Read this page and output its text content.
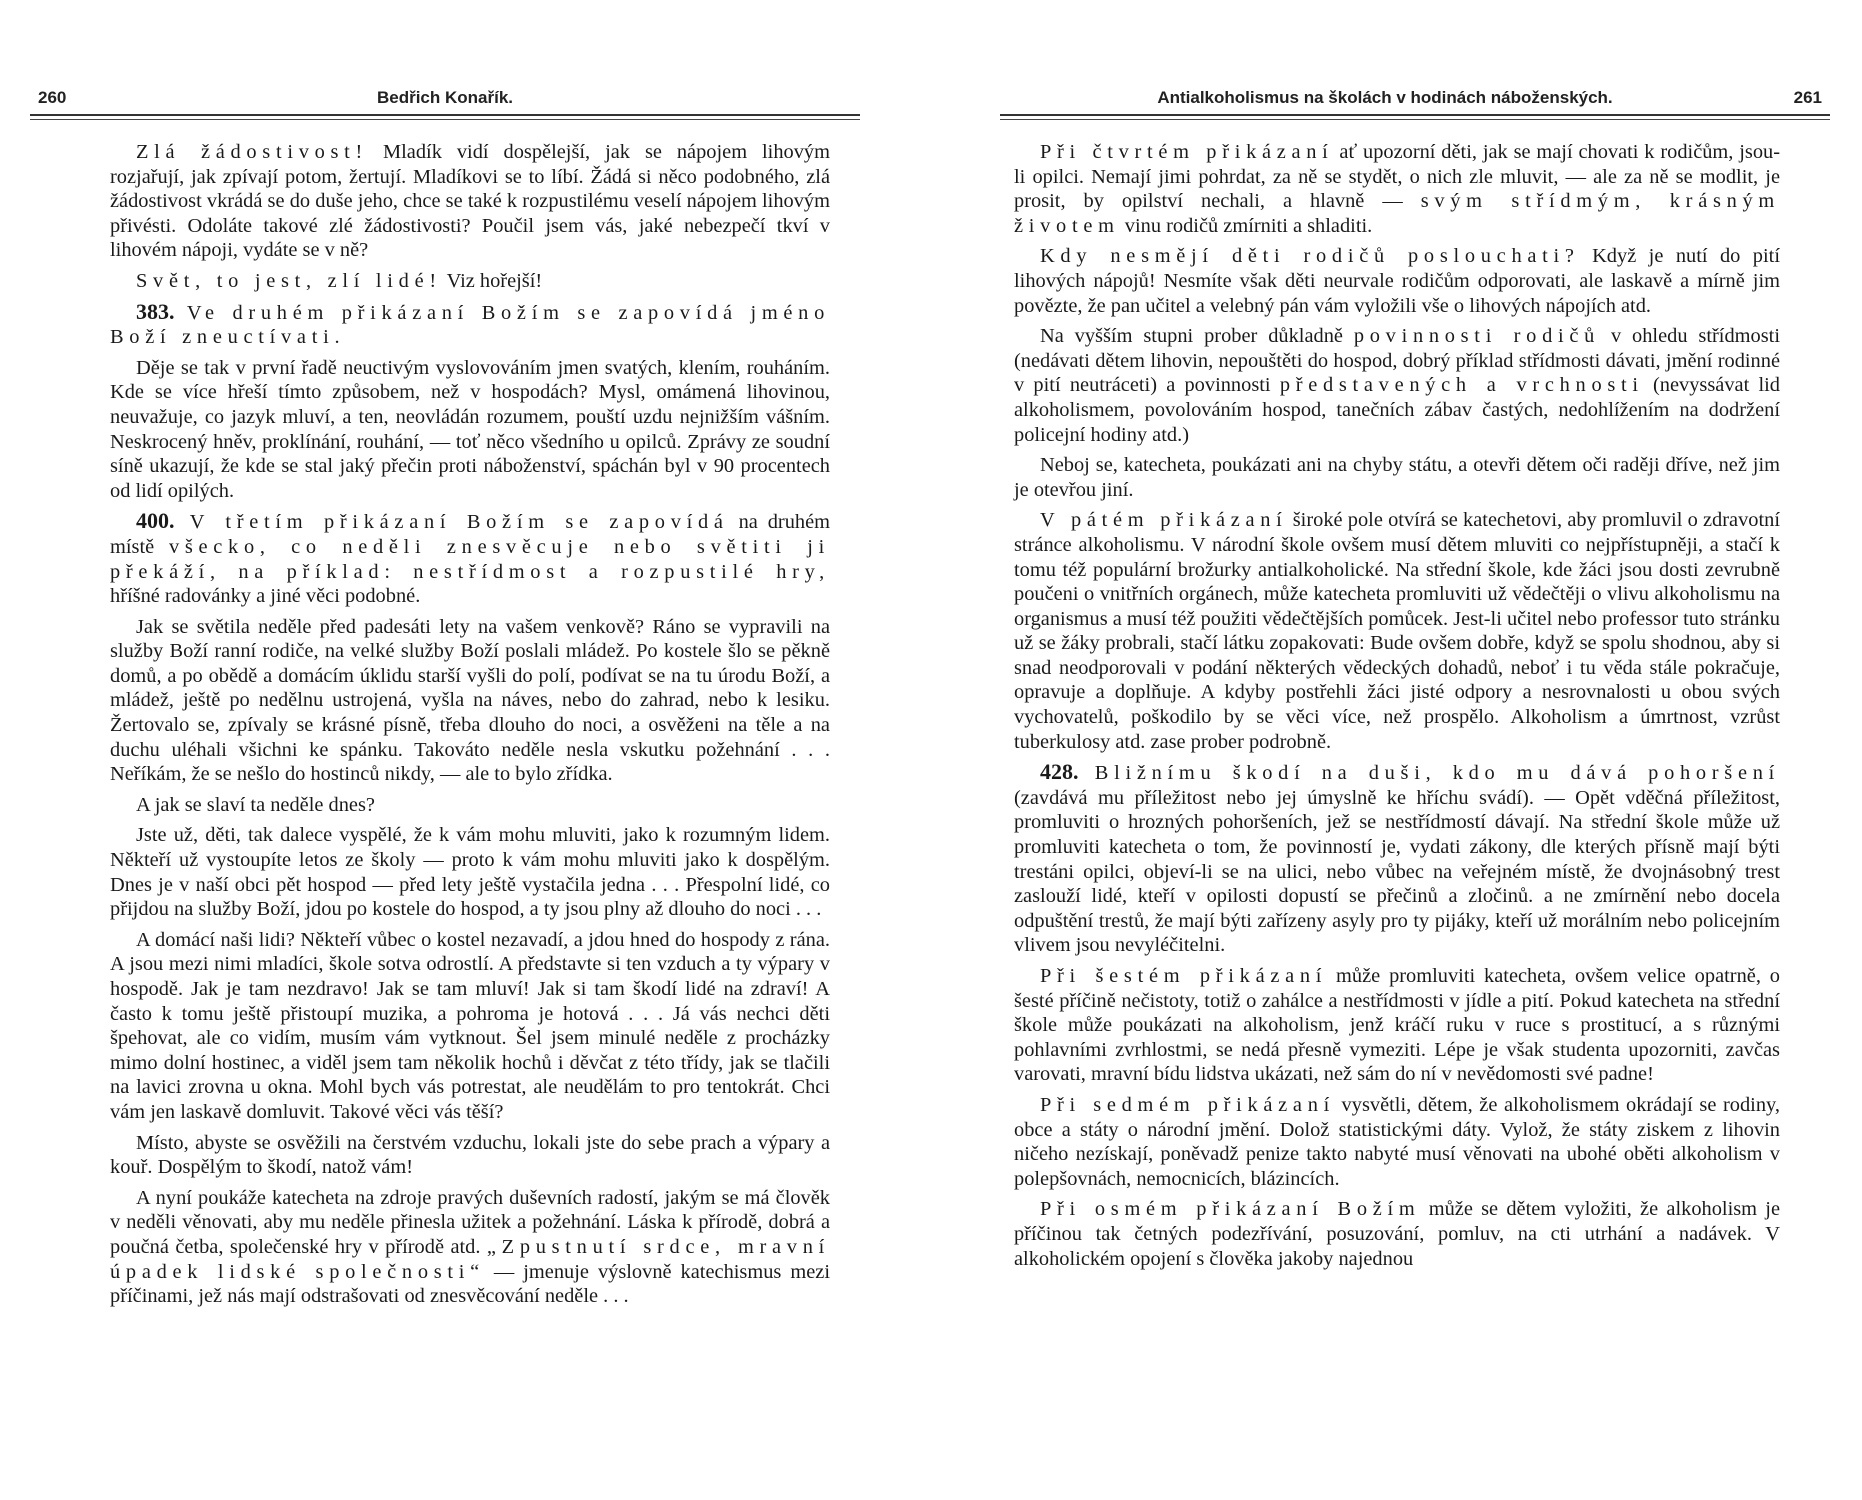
260	Bedřich Konařík.

Zlá žádostivost! Mladík vidí dospělejší, jak se nápojem lihovým rozjařují, jak zpívají potom, žertují. Mladíkovi se to líbí. Žádá si něco podobného, zlá žádostivost vkrádá se do duše jeho, chce se také k rozpustilému veselí nápojem lihovým přivésti. Odoláte takové zlé žádostivosti? Poučil jsem vás, jaké nebezpečí tkví v lihovém nápoji, vydáte se v ně?

Svět, to jest, zlí lidé! Viz hořejší!

383. Ve druhém přikázaní Božím se zapovídá jméno Boží zneuctívati.

Děje se tak v první řadě neuctivým vyslovováním jmen svatých, klením, rouháním. Kde se více hřeší tímto způsobem, než v hospodách? Mysl, omámená lihovinou, neuvažuje, co jazyk mluví, a ten, neovládán rozumem, pouští uzdu nejnižším vášním. Neskrocený hněv, proklínání, rouhání, — toť něco všedního u opilců. Zprávy ze soudní síně ukazují, že kde se stal jaký přečin proti náboženství, spáchán byl v 90 procentech od lidí opilých.

400. V třetím přikázaní Božím se zapovídá na druhém místě všecko, co neděli znesvěcuje nebo světiti ji překáží, na příklad: nestřídmost a rozpustilé hry, hříšné radovánky a jiné věci podobné.

Jak se světila neděle před padesáti lety na vašem venkově? Ráno se vypravili na služby Boží ranní rodiče, na velké služby Boží poslali mládež. Po kostele šlo se pěkně domů, a po obědě a domácím úklidu starší vyšli do polí, podívat se na tu úrodu Boží, a mládež, ještě po nedělnu ustrojená, vyšla na náves, nebo do zahrad, nebo k lesiku. Žertovalo se, zpívaly se krásné písně, třeba dlouho do noci, a osvěženi na těle a na duchu uléhali všichni ke spánku. Takováto neděle nesla vskutku požehnání . . . Neříkám, že se nešlo do hostinců nikdy, — ale to bylo zřídka.

A jak se slaví ta neděle dnes?

Jste už, děti, tak dalece vyspělé, že k vám mohu mluviti, jako k rozumným lidem. Někteří už vystoupíte letos ze školy — proto k vám mohu mluviti jako k dospělým. Dnes je v naší obci pět hospod — před lety ještě vystačila jedna . . . Přespolní lidé, co přijdou na služby Boží, jdou po kostele do hospod, a ty jsou plny až dlouho do noci . . .

A domácí naši lidi? Někteří vůbec o kostel nezavadí, a jdou hned do hospody z rána. A jsou mezi nimi mladíci, škole sotva odrostlí. A představte si ten vzduch a ty výpary v hospodě. Jak je tam nezdravo! Jak se tam mluví! Jak si tam škodí lidé na zdraví! A často k tomu ještě přistoupí muzika, a pohroma je hotová . . . Já vás nechci děti špehovat, ale co vidím, musím vám vytknout. Šel jsem minulé neděle z procházky mimo dolní hostinec, a viděl jsem tam několik hochů i děvčat z této třídy, jak se tlačili na lavici zrovna u okna. Mohl bych vás potrestat, ale neudělám to pro tentokrát. Chci vám jen laskavě domluvit. Takové věci vás těší?

Místo, abyste se osvěžili na čerstvém vzduchu, lokali jste do sebe prach a výpary a kouř. Dospělým to škodí, natož vám!

A nyní poukáže katecheta na zdroje pravých duševních radostí, jakým se má člověk v neděli věnovati, aby mu neděle přinesla užitek a požehnání. Láska k přírodě, dobrá a poučná četba, společenské hry v přírodě atd. „Zpustnutí srdce, mravní úpadek lidské společnosti“ — jmenuje výslovně katechismus mezi příčinami, jež nás mají odstrašovati od znesvěcování neděle . . .

Antialkoholismus na školách v hodinách náboženských.	261

Při čtvrtém přikázaní ať upozorní děti, jak se mají chovati k rodičům, jsou-li opilci. Nemají jimi pohrdat, za ně se stydět, o nich zle mluvit, — ale za ně se modlit, je prosit, by opilství nechali, a hlavně — svým střídmým, krásným životem vinu rodičů zmírniti a shladiti.

Kdy nesmějí děti rodičů poslouchati? Když je nutí do pití lihových nápojů! Nesmíte však děti neurvale rodičům odporovati, ale laskavě a mírně jim povězte, že pan učitel a velebný pán vám vyložili vše o lihových nápojích atd.

Na vyšším stupni prober důkladně povinnosti rodičů v ohledu střídmosti (nedávati dětem lihovin, nepouštěti do hospod, dobrý příklad střídmosti dávati, jmění rodinné v pití neutráceti) a povinnosti představených a vrchnosti (nevyssávat lid alkoholismem, povolováním hospod, tanečních zábav častých, nedohlížením na dodržení policejní hodiny atd.)

Neboj se, katecheta, poukázati ani na chyby státu, a otevři dětem oči raději dříve, než jim je otevřou jiní.

V pátém přikázaní široké pole otvírá se katechetovi, aby promluvil o zdravotní stránce alkoholismu. V národní škole ovšem musí dětem mluviti co nejpřístupněji, a stačí k tomu též populární brožurky antialkoholické. Na střední škole, kde žáci jsou dosti zevrubně poučeni o vnitřních orgánech, může katecheta promluviti už vědečtěji o vlivu alkoholismu na organismus a musí též použiti vědečtějších pomůcek. Jest-li učitel nebo professor tuto stránku už se žáky probrali, stačí látku zopakovati: Bude ovšem dobře, když se spolu shodnou, aby si snad neodporovali v podání některých vědeckých dohadů, neboť i tu věda stále pokračuje, opravuje a doplňuje. A kdyby postřehli žáci jisté odpory a nesrovnalosti u obou svých vychovatelů, poškodilo by se věci více, než prospělo. Alkoholism a úmrtnost, vzrůst tuberkulosy atd. zase prober podrobně.

428. Bližnímu škodí na duši, kdo mu dává pohoršení (zavdává mu příležitost nebo jej úmyslně ke hříchu svádí). — Opět vděčná příležitost, promluviti o hrozných pohoršeních, jež se nestřídmostí dávají. Na střední škole může už promluviti katecheta o tom, že povinností je, vydati zákony, dle kterých přísně mají býti trestáni opilci, objeví-li se na ulici, nebo vůbec na veřejném místě, že dvojnásobný trest zaslouží lidé, kteří v opilosti dopustí se přečinů a zločinů. a ne zmírnění nebo docela odpuštění trestů, že mají býti zařízeny asyly pro ty pijáky, kteří už morálním nebo policejním vlivem jsou nevyléčitelni.

Při šestém přikázaní může promluviti katecheta, ovšem velice opatrně, o šesté příčině nečistoty, totiž o zahálce a nestřídmosti v jídle a pití. Pokud katecheta na střední škole může poukázati na alkoholism, jenž kráčí ruku v ruce s prostitucí, a s různými pohlavními zvrhlostmi, se nedá přesně vymeziti. Lépe je však studenta upozorniti, zavčas varovati, mravní bídu lidstva ukázati, než sám do ní v nevědomosti své padne!

Při sedmém přikázaní vysvětli, dětem, že alkoholismem okrádají se rodiny, obce a státy o národní jmění. Dolož statistickými dáty. Vylož, že státy ziskem z lihovin ničeho nezískají, poněvadž penize takto nabyté musí věnovati na ubohé oběti alkoholism v polepšovnách, nemocnicích, blázincích.

Při osmém přikázaní Božím může se dětem vyložiti, že alkoholism je příčinou tak četných podezřívání, posuzování, pomluv, na cti utrhání a nadávek. V alkoholickém opojení s člověka jakoby najednou
